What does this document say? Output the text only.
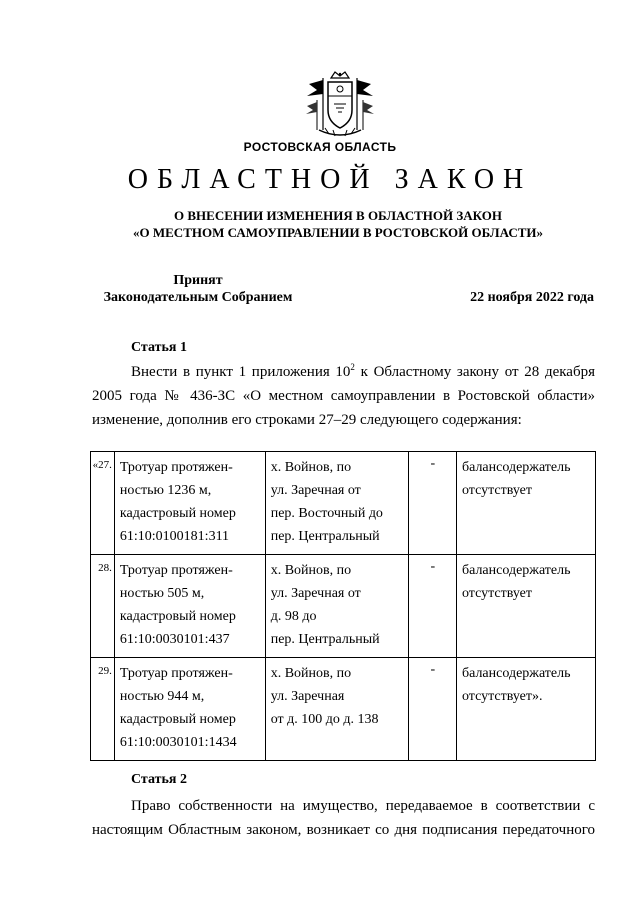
РОСТОВСКАЯ ОБЛАСТЬ
ОБЛАСТНОЙ ЗАКОН
О ВНЕСЕНИИ ИЗМЕНЕНИЯ В ОБЛАСТНОЙ ЗАКОН
«О МЕСТНОМ САМОУПРАВЛЕНИИ В РОСТОВСКОЙ ОБЛАСТИ»
Принят
Законодательным Собранием	22 ноября 2022 года
Статья 1
Внести в пункт 1 приложения $10^2$ к Областному закону от 28 декабря
2005 года № 436-ЗС «О местном самоуправлении в Ростовской области»
изменение, дополнив его строками 27–29 следующего содержания:
«27.	Тротуар протяжен-
ностью 1236 м,
кадастровый номер
61:10:0100181:311	х. Войнов, по
ул. Заречная от
пер. Восточный до
пер. Центральный	-	балансодержатель
отсутствует

28.	Тротуар протяжен-
ностью 505 м,
кадастровый номер
61:10:0030101:437	х. Войнов, по
ул. Заречная от
д. 98 до
пер. Центральный	-	балансодержатель
отсутствует

29.	Тротуар протяжен-
ностью 944 м,
кадастровый номер
61:10:0030101:1434	х. Войнов, по
ул. Заречная
от д. 100 до д. 138	-	балансодержатель
отсутствует».
Статья 2
Право собственности на имущество, передаваемое в соответствии с
настоящим Областным законом, возникает со дня подписания передаточного
